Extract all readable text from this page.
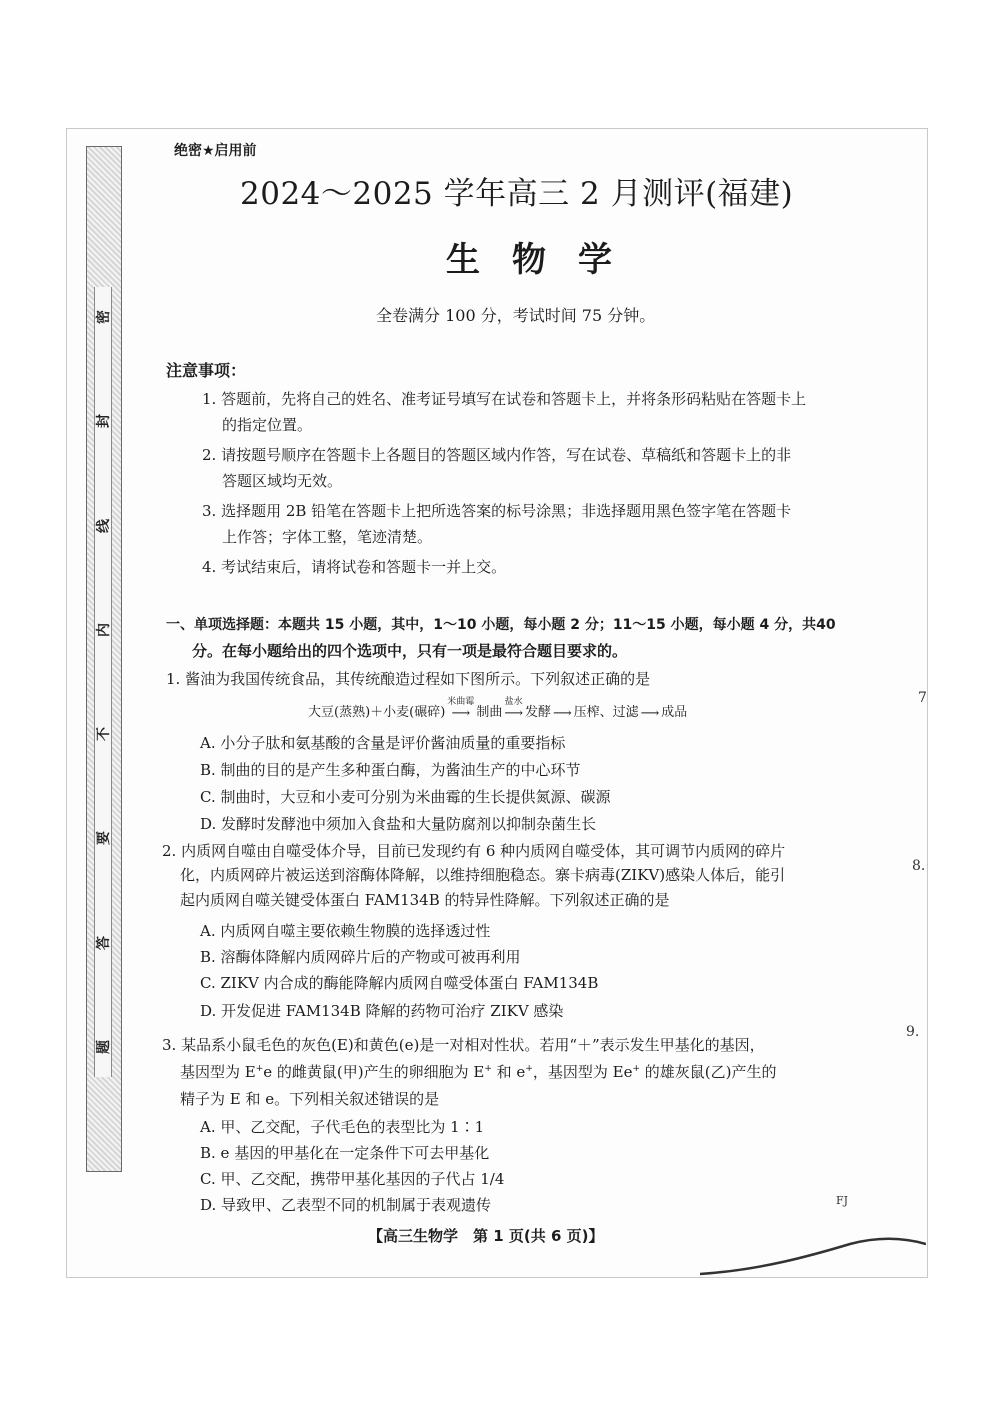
密
封
线
内
不
要
答
题
绝密★启用前
2024～2025 学年高三 2 月测评(福建)
生物学
全卷满分 100 分，考试时间 75 分钟。
注意事项：
1. 答题前，先将自己的姓名、准考证号填写在试卷和答题卡上，并将条形码粘贴在答题卡上
的指定位置。
2. 请按题号顺序在答题卡上各题目的答题区域内作答，写在试卷、草稿纸和答题卡上的非
答题区域均无效。
3. 选择题用 2B 铅笔在答题卡上把所选答案的标号涂黑；非选择题用黑色签字笔在答题卡
上作答；字体工整，笔迹清楚。
4. 考试结束后，请将试卷和答题卡一并上交。
一、单项选择题：本题共 15 小题，其中，1～10 小题，每小题 2 分；11～15 小题，每小题 4 分，共40
分。在每小题给出的四个选项中，只有一项是最符合题目要求的。
1. 酱油为我国传统食品，其传统酿造过程如下图所示。下列叙述正确的是
大豆(蒸熟)＋小麦(碾碎)
米曲霉
⟶ 制曲
盐水
⟶ 发酵 ⟶ 压榨、过滤 ⟶ 成品
A. 小分子肽和氨基酸的含量是评价酱油质量的重要指标
B. 制曲的目的是产生多种蛋白酶，为酱油生产的中心环节
C. 制曲时，大豆和小麦可分别为米曲霉的生长提供氮源、碳源
D. 发酵时发酵池中须加入食盐和大量防腐剂以抑制杂菌生长
2. 内质网自噬由自噬受体介导，目前已发现约有 6 种内质网自噬受体，其可调节内质网的碎片
化，内质网碎片被运送到溶酶体降解，以维持细胞稳态。寨卡病毒(ZIKV)感染人体后，能引
起内质网自噬关键受体蛋白 FAM134B 的特异性降解。下列叙述正确的是
A. 内质网自噬主要依赖生物膜的选择透过性
B. 溶酶体降解内质网碎片后的产物或可被再利用
C. ZIKV 内合成的酶能降解内质网自噬受体蛋白 FAM134B
D. 开发促进 FAM134B 降解的药物可治疗 ZIKV 感染
3. 某品系小鼠毛色的灰色(E)和黄色(e)是一对相对性状。若用“＋”表示发生甲基化的基因，
基因型为 E+e 的雌黄鼠(甲)产生的卵细胞为 E+ 和 e+，基因型为 Ee+ 的雄灰鼠(乙)产生的
精子为 E 和 e。下列相关叙述错误的是
A. 甲、乙交配，子代毛色的表型比为 1∶1
B. e 基因的甲基化在一定条件下可去甲基化
C. 甲、乙交配，携带甲基化基因的子代占 1/4
D. 导致甲、乙表型不同的机制属于表观遗传
7
8.
9.
FJ
【高三生物学　第 1 页(共 6 页)】
